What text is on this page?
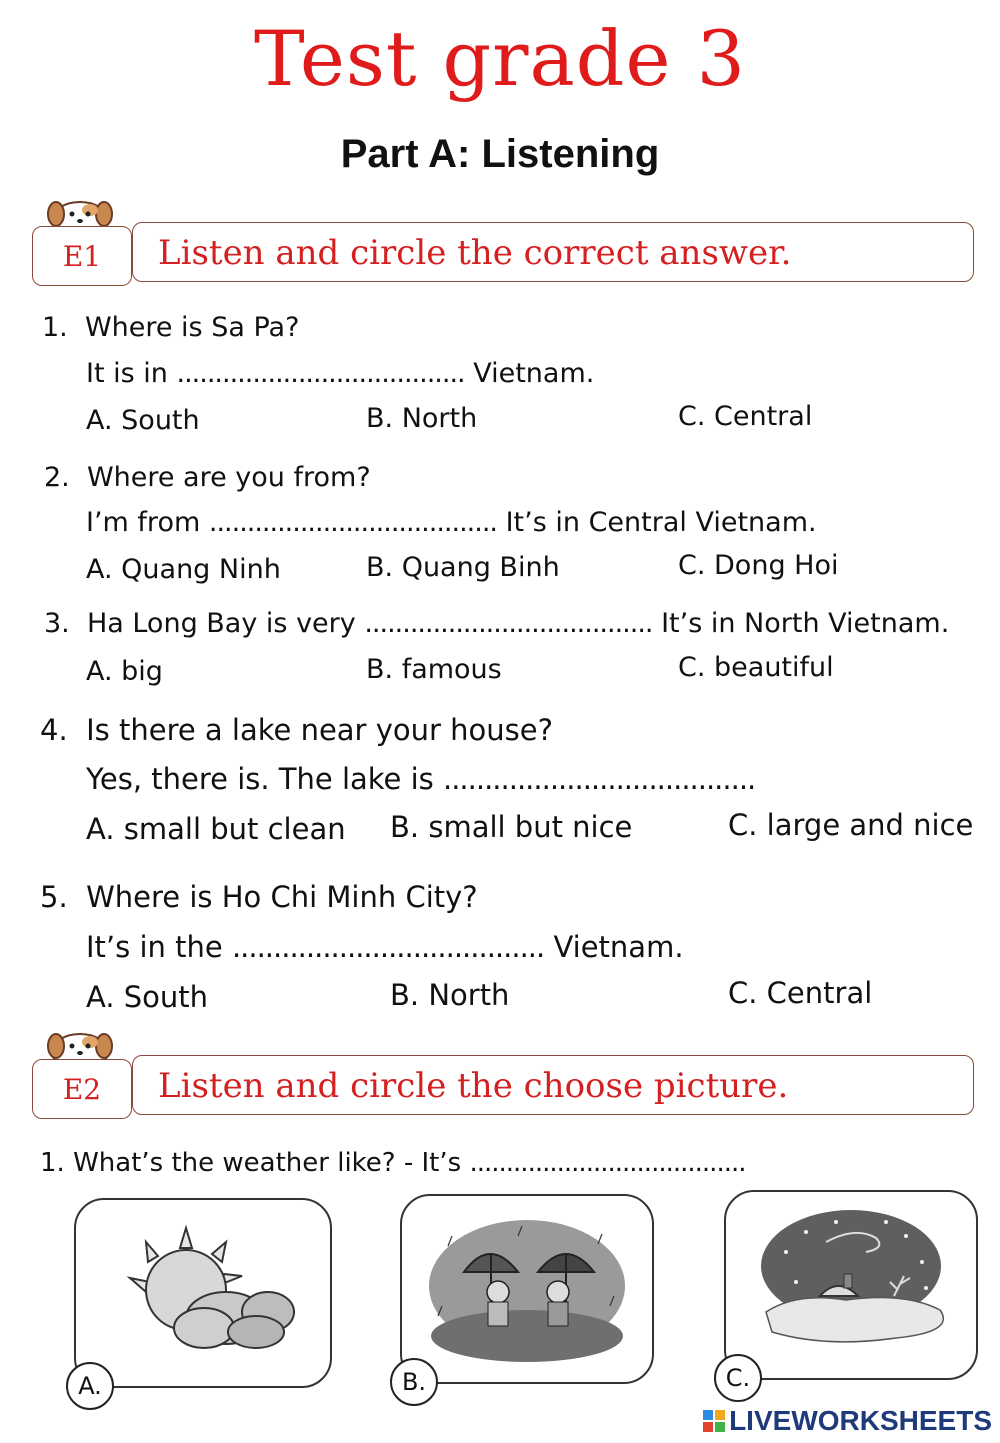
Test grade 3
Part A: Listening
E1	Listen and circle the correct answer.
1. Where is Sa Pa?
It is in ...................................... Vietnam.
A. South	B. North	C. Central
2. Where are you from?
I’m from ...................................... It’s in Central Vietnam.
A. Quang Ninh	B. Quang Binh	C. Dong Hoi
3. Ha Long Bay is very ...................................... It’s in North Vietnam.
A. big	B. famous	C. beautiful
4. Is there a lake near your house?
Yes, there is. The lake is ......................................
A. small but clean B. small but nice	C. large and nice
5. Where is Ho Chi Minh City?
It’s in the ...................................... Vietnam.
A. South	B. North	C. Central
E2	Listen and circle the choose picture.
1. What’s the weather like? - It’s ......................................
A.	B.	C.
LIVEWORKSHEETS
